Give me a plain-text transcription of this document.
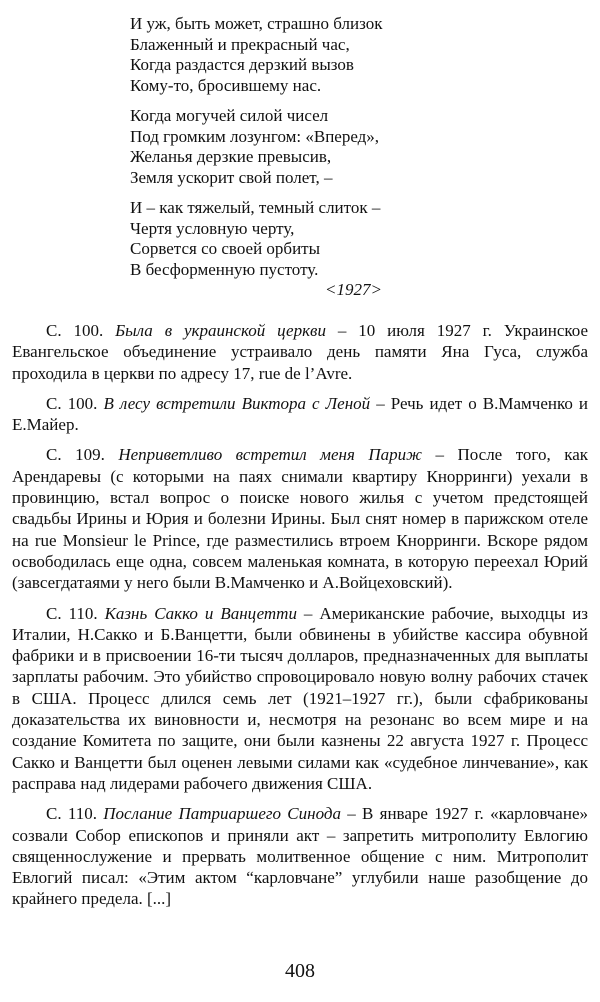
И уж, быть может, страшно близок
Блаженный и прекрасный час,
Когда раздастся дерзкий вызов
Кому-то, бросившему нас.
Когда могучей силой чисел
Под громким лозунгом: «Вперед»,
Желанья дерзкие превысив,
Земля ускорит свой полет, –
И – как тяжелый, темный слиток –
Чертя условную черту,
Сорвется со своей орбиты
В бесформенную пустоту.
<1927>

С. 100. Была в украинской церкви – 10 июля 1927 г. Украинское Евангельское объединение устраивало день памяти Яна Гуса, служба проходила в церкви по адресу 17, rue de l’Avre.

С. 100. В лесу встретили Виктора с Леной – Речь идет о В.Мамченко и Е.Майер.

С. 109. Неприветливо встретил меня Париж – После того, как Арендаревы (с которыми на паях снимали квартиру Кнорринги) уехали в провинцию, встал вопрос о поиске нового жилья с учетом предстоящей свадьбы Ирины и Юрия и болезни Ирины. Был снят номер в парижском отеле на rue Monsieur le Prince, где разместились втроем Кнорринги. Вскоре рядом освободилась еще одна, совсем маленькая комната, в которую переехал Юрий (завсегдатаями у него были В.Мамченко и А.Войцеховский).

С. 110. Казнь Сакко и Ванцетти – Американские рабочие, выходцы из Италии, Н.Сакко и Б.Ванцетти, были обвинены в убийстве кассира обувной фабрики и в присвоении 16-ти тысяч долларов, предназначенных для выплаты зарплаты рабочим. Это убийство спровоцировало новую волну рабочих стачек в США. Процесс длился семь лет (1921–1927 гг.), были сфабрикованы доказательства их виновности и, несмотря на резонанс во всем мире и на создание Комитета по защите, они были казнены 22 августа 1927 г. Процесс Сакко и Ванцетти был оценен левыми силами как «судебное линчевание», как расправа над лидерами рабочего движения США.

С. 110. Послание Патриаршего Синода – В январе 1927 г. «карловчане» созвали Собор епископов и приняли акт – запретить митрополиту Евлогию священнослужение и прервать молитвенное общение с ним. Митрополит Евлогий писал: «Этим актом “карловчане” углубили наше разобщение до крайнего предела. [...]

408
